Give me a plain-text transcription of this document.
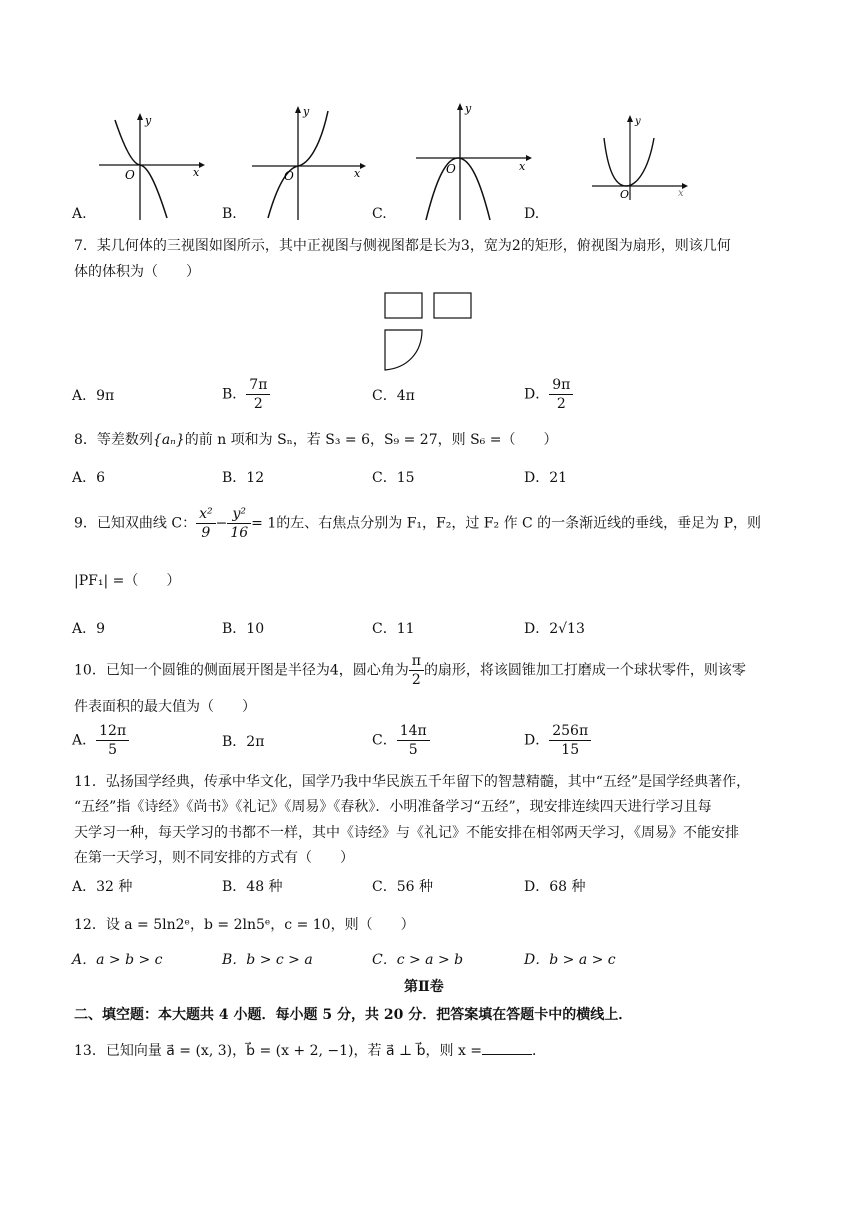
y
x
O
A.
y
x
O
B.
y
x
O
C.
y
x
O
D.
7．某几何体的三视图如图所示，其中正视图与侧视图都是长为3，宽为2的矩形，俯视图为扇形，则该几何
体的体积为（　　）
A．9π	B． $\frac{7\pi}{2}$	C．4π	D． $\frac{9\pi}{2}$
8．等差数列{aₙ}的前 n 项和为 Sₙ，若 S₃ = 6，S₉ = 27，则 S₆ =（　　）
A．6	B．12	C．15	D．21
9．已知双曲线 C： $\frac{\text{x²}}{9} - \frac{\text{y²}}{16} = 1$的左、右焦点分别为 F₁，F₂，过 F₂ 作 C 的一条渐近线的垂线，垂足为 P，则
|PF₁| =（　　）
A．9	B．10	C．11	D．2√13
10．已知一个圆锥的侧面展开图是半径为4，圆心角为 $\frac{\pi}{2}$ 的扇形，将该圆锥加工打磨成一个球状零件，则该零
件表面积的最大值为（　　）
A． $\frac{12\pi}{5}$	B．2π	C． $\frac{14\pi}{5}$	D． $\frac{256\pi}{15}$
11．弘扬国学经典，传承中华文化，国学乃我中华民族五千年留下的智慧精髓，其中“五经”是国学经典著作，
“五经”指《诗经》《尚书》《礼记》《周易》《春秋》．小明准备学习“五经”，现安排连续四天进行学习且每
天学习一种，每天学习的书都不一样，其中《诗经》与《礼记》不能安排在相邻两天学习，《周易》不能安排
在第一天学习，则不同安排的方式有（　　）
A．32 种	B．48 种	C．56 种	D．68 种
12．设 a = 5ln2ᵉ，b = 2ln5ᵉ，c = 10，则（　　）
A．a > b > c	B．b > c > a	C．c > a > b	D．b > a > c
第Ⅱ卷
二、填空题：本大题共 4 小题．每小题 5 分，共 20 分．把答案填在答题卡中的横线上．
13．已知向量 a⃗ = (x, 3)，b⃗ = (x + 2, −1)，若 a⃗ ⊥ b⃗，则 x =	．
